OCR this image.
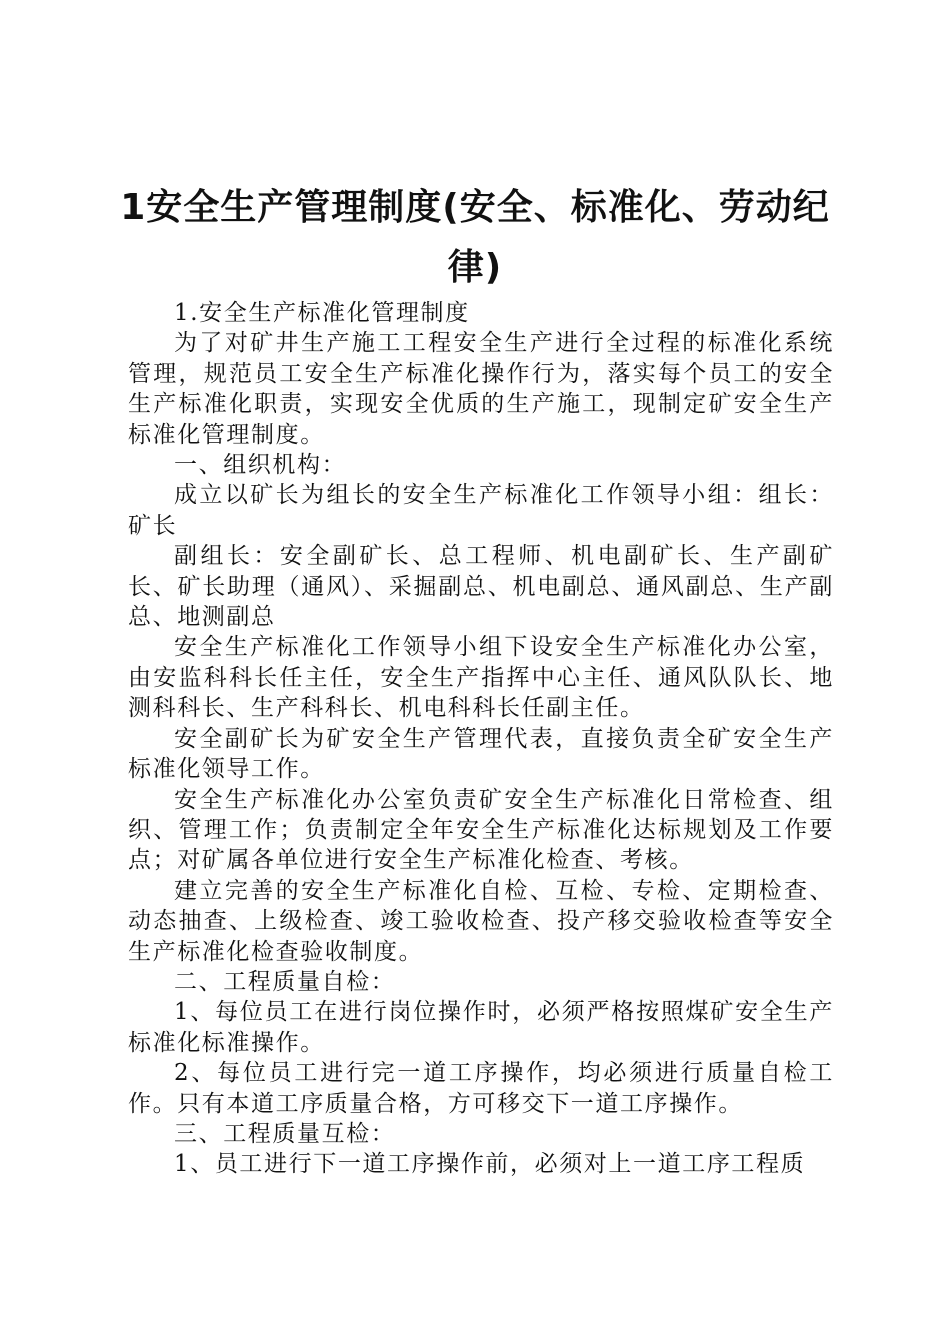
1安全生产管理制度(安全、标准化、劳动纪律)

1.安全生产标准化管理制度

为了对矿井生产施工工程安全生产进行全过程的标准化系统管理，规范员工安全生产标准化操作行为，落实每个员工的安全生产标准化职责，实现安全优质的生产施工，现制定矿安全生产标准化管理制度。

一、组织机构：

成立以矿长为组长的安全生产标准化工作领导小组：组长：矿长

副组长：安全副矿长、总工程师、机电副矿长、生产副矿长、矿长助理（通风）、采掘副总、机电副总、通风副总、生产副总、地测副总

安全生产标准化工作领导小组下设安全生产标准化办公室，由安监科科长任主任，安全生产指挥中心主任、通风队队长、地测科科长、生产科科长、机电科科长任副主任。

安全副矿长为矿安全生产管理代表，直接负责全矿安全生产标准化领导工作。

安全生产标准化办公室负责矿安全生产标准化日常检查、组织、管理工作；负责制定全年安全生产标准化达标规划及工作要点；对矿属各单位进行安全生产标准化检查、考核。

建立完善的安全生产标准化自检、互检、专检、定期检查、动态抽查、上级检查、竣工验收检查、投产移交验收检查等安全生产标准化检查验收制度。

二、工程质量自检：

1、每位员工在进行岗位操作时，必须严格按照煤矿安全生产标准化标准操作。

2、每位员工进行完一道工序操作，均必须进行质量自检工作。只有本道工序质量合格，方可移交下一道工序操作。

三、工程质量互检：

1、员工进行下一道工序操作前，必须对上一道工序工程质
